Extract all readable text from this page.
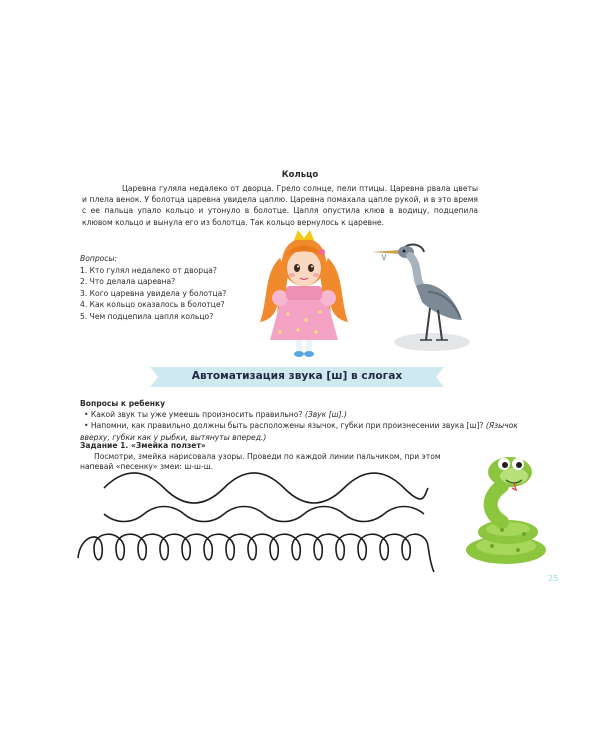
Кольцо

Царевна гуляла недалеко от дворца. Грело солнце, пели птицы. Царевна рвала цветы и плела венок. У болотца царевна увидела цаплю. Царевна помахала цапле рукой, и в это время с ее пальца упало кольцо и утонуло в болотце. Цапля опустила клюв в водицу, подцепила клювом кольцо и вынула его из болотца. Так кольцо вернулось к царевне.

Вопросы:
1. Кто гулял недалеко от дворца?
2. Что делала царевна?
3. Кого царевна увидела у болотца?
4. Как кольцо оказалось в болотце?
5. Чем подцепила цапля кольцо?
Автоматизация звука [ш] в слогах

Вопросы к ребенку

• Какой звук ты уже умеешь произносить правильно? (Звук [ш].)

• Напомни, как правильно должны быть расположены язычок, губки при произнесении звука [ш]? (Язычок вверху, губки как у рыбки, вытянуты вперед.)

Задание 1. «Змейка ползет»

Посмотри, змейка нарисовала узоры. Проведи по каждой линии пальчиком, при этом напевай «песенку» змеи: ш-ш-ш.

25
